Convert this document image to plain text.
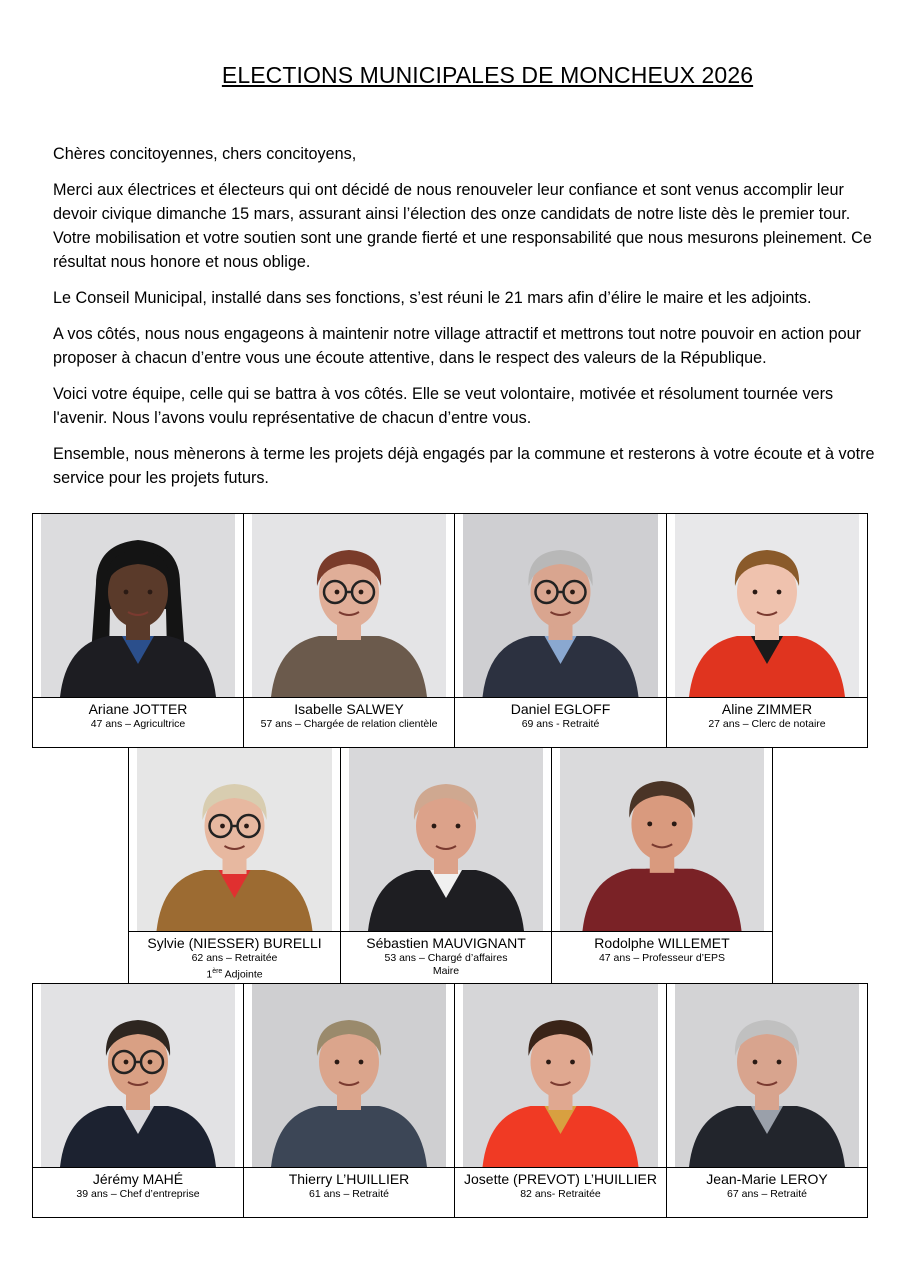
ELECTIONS MUNICIPALES DE MONCHEUX 2026

Chères concitoyennes, chers concitoyens,

Merci aux électrices et électeurs qui ont décidé de nous renouveler leur confiance et sont venus accomplir leur devoir civique dimanche 15 mars, assurant ainsi l’élection des onze candidats de notre liste dès le premier tour. Votre mobilisation et votre soutien sont une grande fierté et une responsabilité que nous mesurons pleinement. Ce résultat nous honore et nous oblige.

Le Conseil Municipal, installé dans ses fonctions, s’est réuni le 21 mars afin d’élire le maire et les adjoints.

A vos côtés, nous nous engageons à maintenir notre village attractif et mettrons tout notre pouvoir en action pour proposer à chacun d’entre vous une écoute attentive, dans le respect des valeurs de la République.

Voici votre équipe, celle qui se battra à vos côtés. Elle se veut volontaire, motivée et résolument tournée vers l'avenir. Nous l’avons voulu représentative de chacun d’entre vous.

Ensemble, nous mènerons à terme les projets déjà engagés par la commune et resterons à votre écoute et à votre service pour les projets futurs.

Ariane JOTTER
47 ans – Agricultrice
Isabelle SALWEY
57 ans – Chargée de relation clientèle
Daniel EGLOFF
69 ans - Retraité
Aline ZIMMER
27 ans – Clerc de notaire
Sylvie (NIESSER) BURELLI
62 ans – Retraitée
1ère Adjointe
Sébastien MAUVIGNANT
53 ans – Chargé d’affaires
Maire
Rodolphe WILLEMET
47 ans – Professeur d’EPS
Jérémy MAHÉ
39 ans – Chef d’entreprise
Thierry L’HUILLIER
61 ans – Retraité
Josette (PREVOT) L’HUILLIER
82 ans- Retraitée
Jean-Marie LEROY
67 ans – Retraité
